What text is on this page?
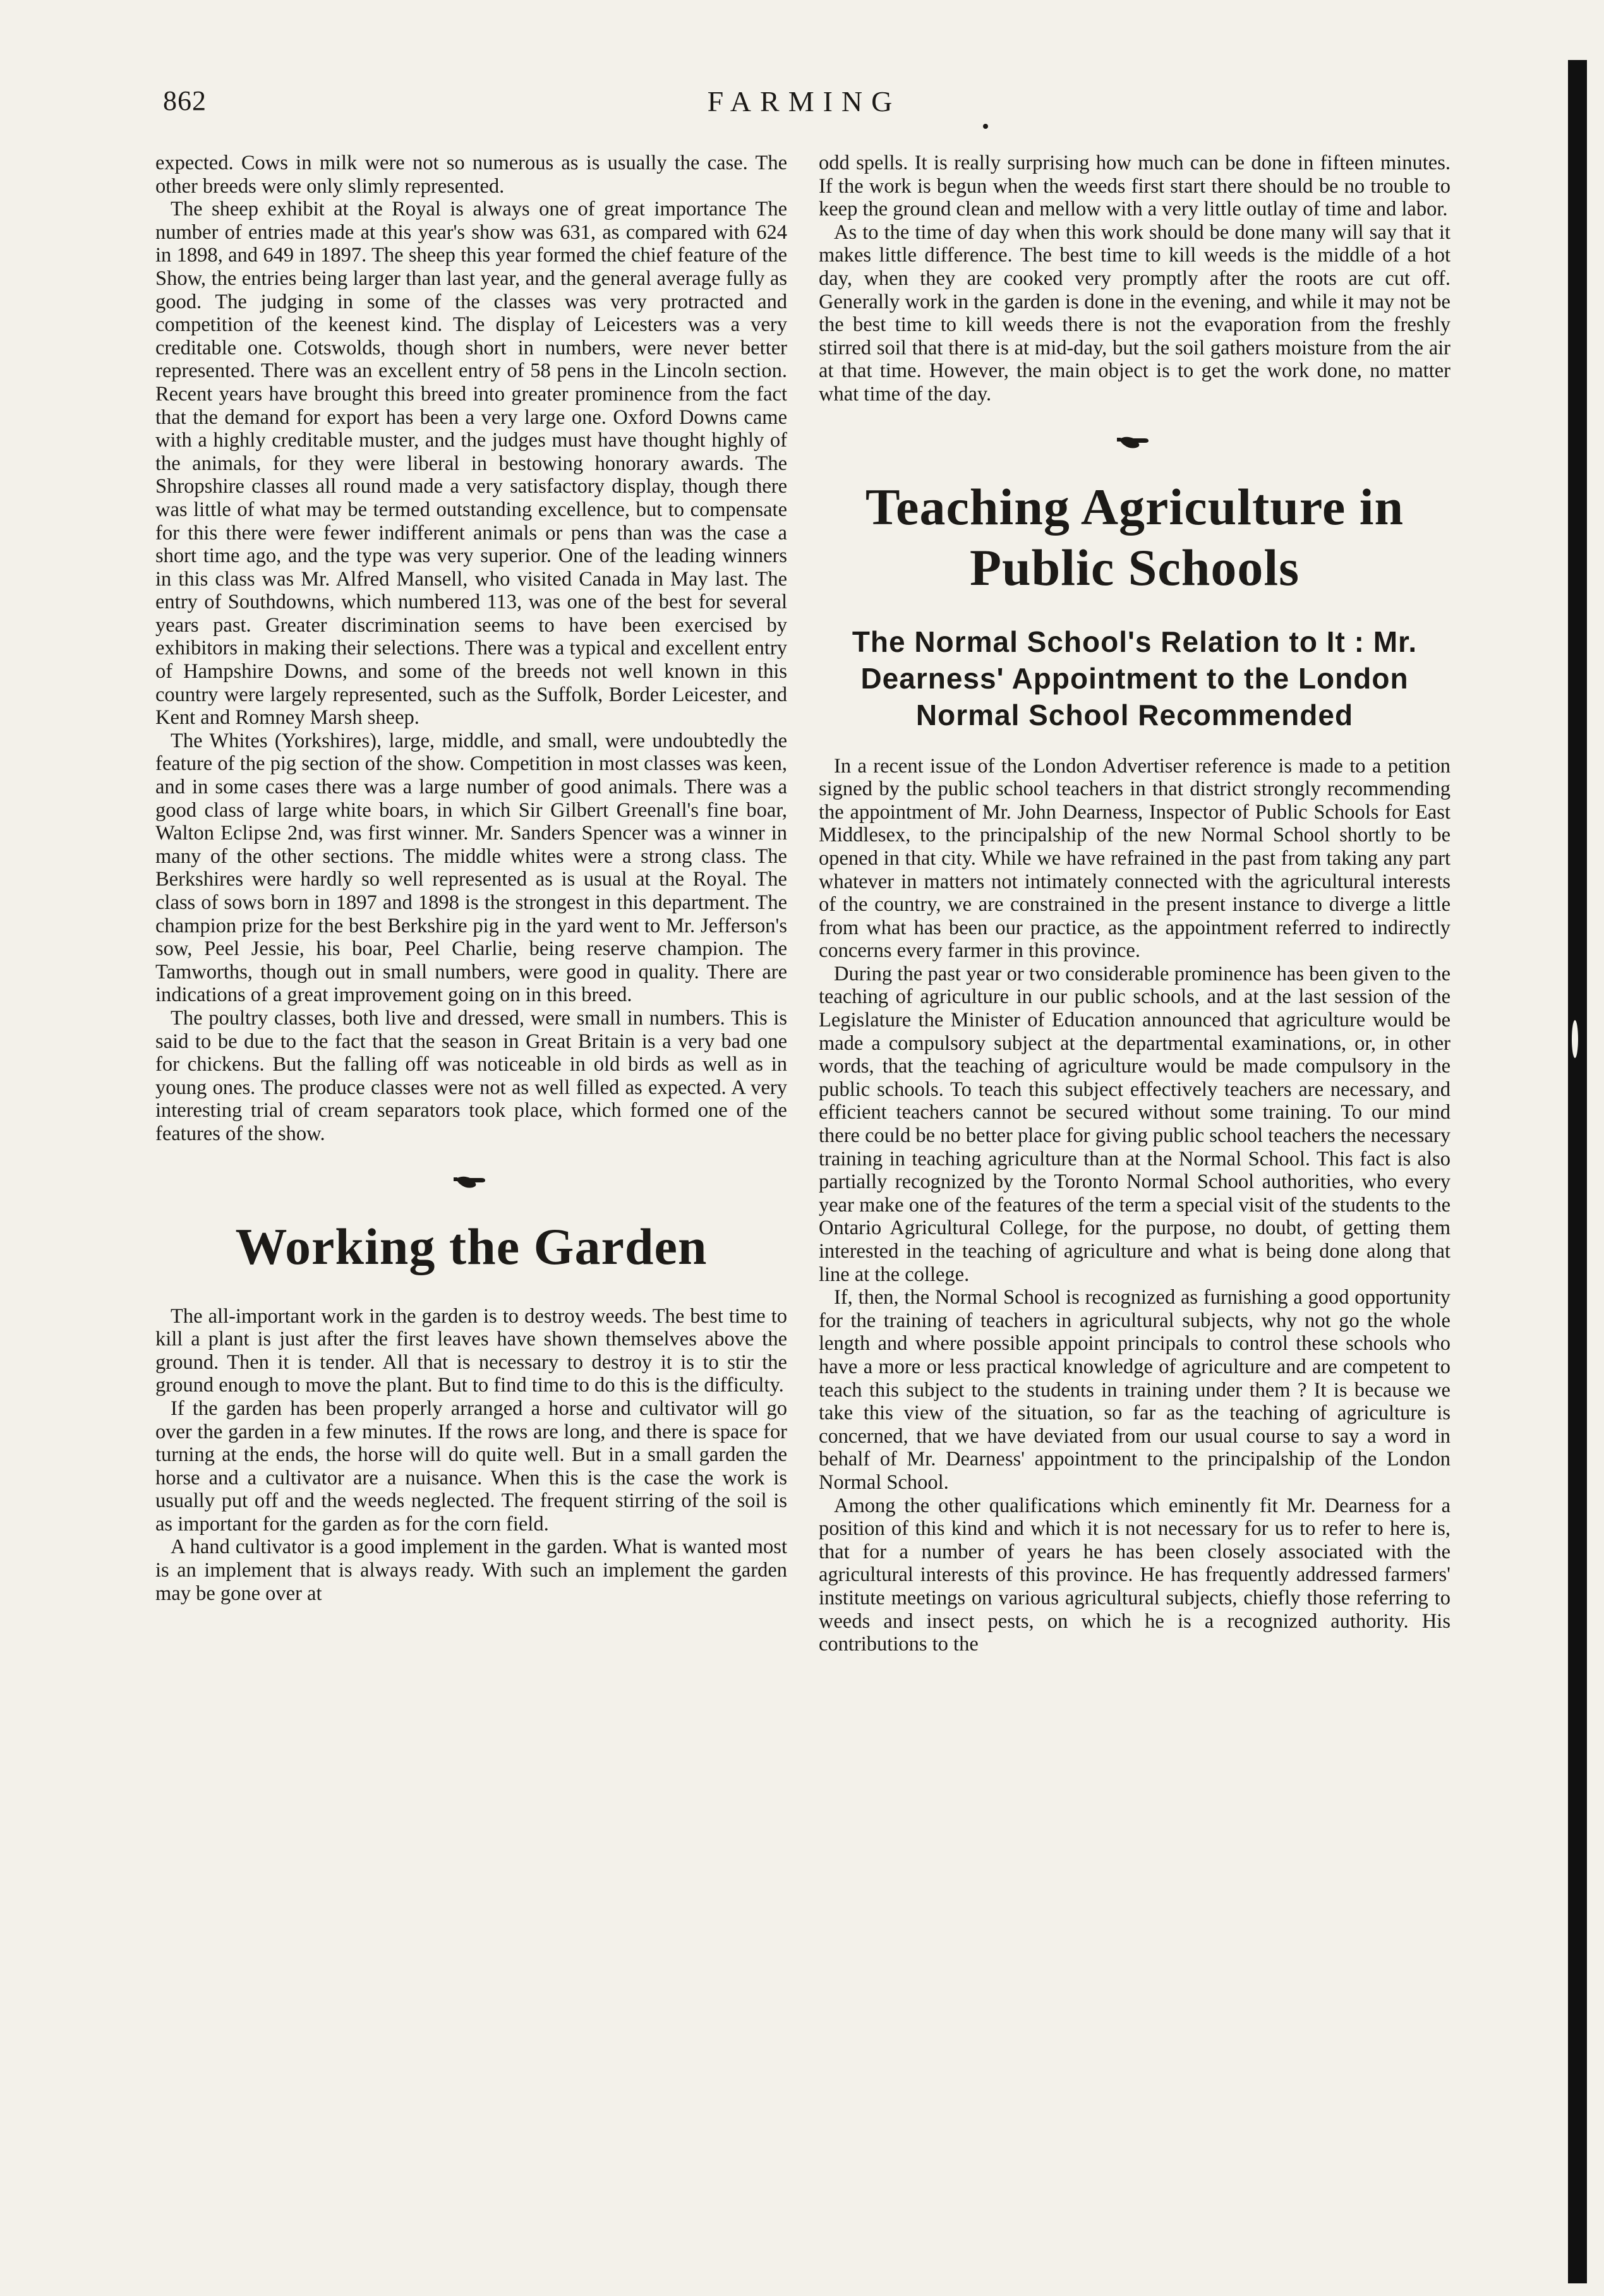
862	FARMING

expected. Cows in milk were not so numerous as is usually the case. The other breeds were only slimly represented.

The sheep exhibit at the Royal is always one of great importance The number of entries made at this year's show was 631, as compared with 624 in 1898, and 649 in 1897. The sheep this year formed the chief feature of the Show, the entries being larger than last year, and the general average fully as good. The judging in some of the classes was very protracted and competition of the keenest kind. The display of Leicesters was a very creditable one. Cotswolds, though short in numbers, were never better represented. There was an excellent entry of 58 pens in the Lincoln section. Recent years have brought this breed into greater prominence from the fact that the demand for export has been a very large one. Oxford Downs came with a highly creditable muster, and the judges must have thought highly of the animals, for they were liberal in bestowing honorary awards. The Shropshire classes all round made a very satisfactory display, though there was little of what may be termed outstanding excellence, but to compensate for this there were fewer indifferent animals or pens than was the case a short time ago, and the type was very superior. One of the leading winners in this class was Mr. Alfred Mansell, who visited Canada in May last. The entry of Southdowns, which numbered 113, was one of the best for several years past. Greater discrimination seems to have been exercised by exhibitors in making their selections. There was a typical and excellent entry of Hampshire Downs, and some of the breeds not well known in this country were largely represented, such as the Suffolk, Border Leicester, and Kent and Romney Marsh sheep.

The Whites (Yorkshires), large, middle, and small, were undoubtedly the feature of the pig section of the show. Competition in most classes was keen, and in some cases there was a large number of good animals. There was a good class of large white boars, in which Sir Gilbert Greenall's fine boar, Walton Eclipse 2nd, was first winner. Mr. Sanders Spencer was a winner in many of the other sections. The middle whites were a strong class. The Berkshires were hardly so well represented as is usual at the Royal. The class of sows born in 1897 and 1898 is the strongest in this department. The champion prize for the best Berkshire pig in the yard went to Mr. Jefferson's sow, Peel Jessie, his boar, Peel Charlie, being reserve champion. The Tamworths, though out in small numbers, were good in quality. There are indications of a great improvement going on in this breed.

The poultry classes, both live and dressed, were small in numbers. This is said to be due to the fact that the season in Great Britain is a very bad one for chickens. But the falling off was noticeable in old birds as well as in young ones. The produce classes were not as well filled as expected. A very interesting trial of cream separators took place, which formed one of the features of the show.

Working the Garden

The all-important work in the garden is to destroy weeds. The best time to kill a plant is just after the first leaves have shown themselves above the ground. Then it is tender. All that is necessary to destroy it is to stir the ground enough to move the plant. But to find time to do this is the difficulty.

If the garden has been properly arranged a horse and cultivator will go over the garden in a few minutes. If the rows are long, and there is space for turning at the ends, the horse will do quite well. But in a small garden the horse and a cultivator are a nuisance. When this is the case the work is usually put off and the weeds neglected. The frequent stirring of the soil is as important for the garden as for the corn field.

A hand cultivator is a good implement in the garden. What is wanted most is an implement that is always ready. With such an implement the garden may be gone over at

odd spells. It is really surprising how much can be done in fifteen minutes. If the work is begun when the weeds first start there should be no trouble to keep the ground clean and mellow with a very little outlay of time and labor.

As to the time of day when this work should be done many will say that it makes little difference. The best time to kill weeds is the middle of a hot day, when they are cooked very promptly after the roots are cut off. Generally work in the garden is done in the evening, and while it may not be the best time to kill weeds there is not the evaporation from the freshly stirred soil that there is at mid-day, but the soil gathers moisture from the air at that time. However, the main object is to get the work done, no matter what time of the day.

Teaching Agriculture in
Public Schools
The Normal School's Relation to It : Mr. Dearness' Appointment to the London Normal School Recommended

In a recent issue of the London Advertiser reference is made to a petition signed by the public school teachers in that district strongly recommending the appointment of Mr. John Dearness, Inspector of Public Schools for East Middlesex, to the principalship of the new Normal School shortly to be opened in that city. While we have refrained in the past from taking any part whatever in matters not intimately connected with the agricultural interests of the country, we are constrained in the present instance to diverge a little from what has been our practice, as the appointment referred to indirectly concerns every farmer in this province.

During the past year or two considerable prominence has been given to the teaching of agriculture in our public schools, and at the last session of the Legislature the Minister of Education announced that agriculture would be made a compulsory subject at the departmental examinations, or, in other words, that the teaching of agriculture would be made compulsory in the public schools. To teach this subject effectively teachers are necessary, and efficient teachers cannot be secured without some training. To our mind there could be no better place for giving public school teachers the necessary training in teaching agriculture than at the Normal School. This fact is also partially recognized by the Toronto Normal School authorities, who every year make one of the features of the term a special visit of the students to the Ontario Agricultural College, for the purpose, no doubt, of getting them interested in the teaching of agriculture and what is being done along that line at the college.

If, then, the Normal School is recognized as furnishing a good opportunity for the training of teachers in agricultural subjects, why not go the whole length and where possible appoint principals to control these schools who have a more or less practical knowledge of agriculture and are competent to teach this subject to the students in training under them ? It is because we take this view of the situation, so far as the teaching of agriculture is concerned, that we have deviated from our usual course to say a word in behalf of Mr. Dearness' appointment to the principalship of the London Normal School.

Among the other qualifications which eminently fit Mr. Dearness for a position of this kind and which it is not necessary for us to refer to here is, that for a number of years he has been closely associated with the agricultural interests of this province. He has frequently addressed farmers' institute meetings on various agricultural subjects, chiefly those referring to weeds and insect pests, on which he is a recognized authority. His contributions to the
